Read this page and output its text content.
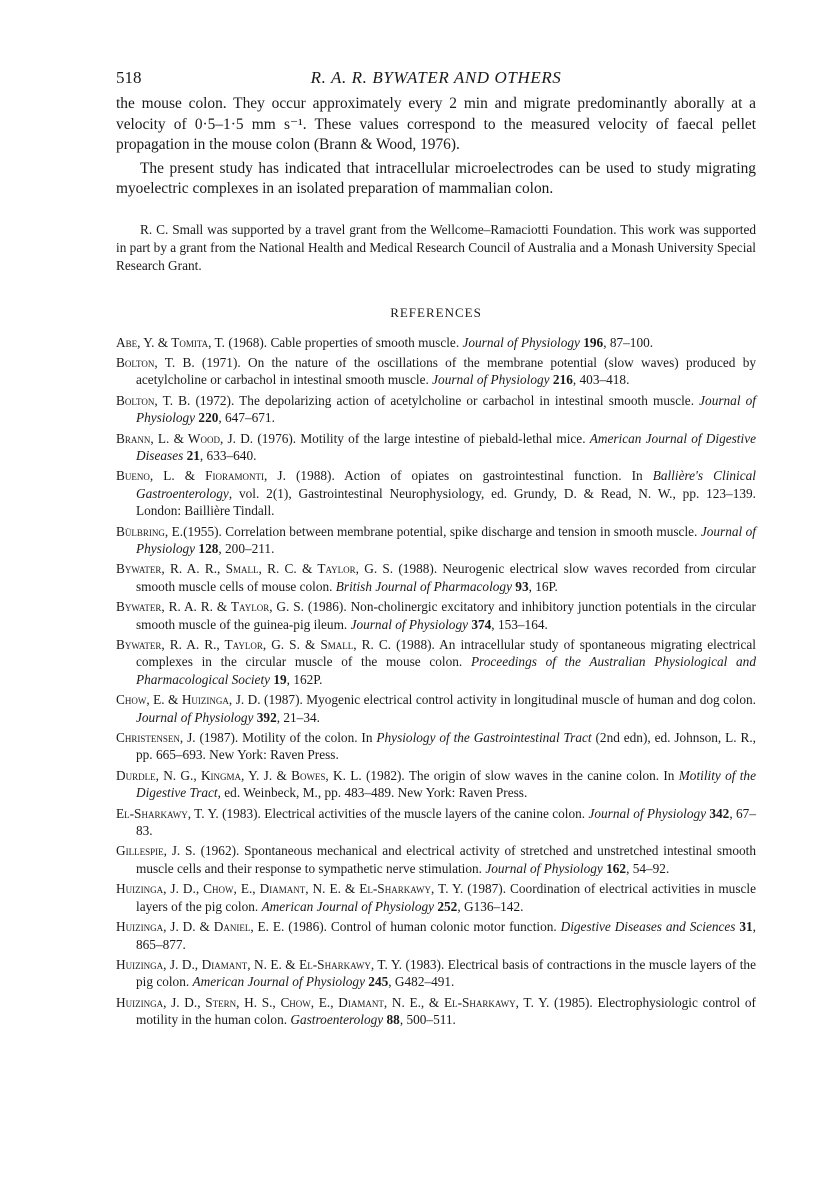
518	R. A. R. BYWATER AND OTHERS

the mouse colon. They occur approximately every 2 min and migrate predominantly aborally at a velocity of 0·5–1·5 mm s⁻¹. These values correspond to the measured velocity of faecal pellet propagation in the mouse colon (Brann & Wood, 1976).

The present study has indicated that intracellular microelectrodes can be used to study migrating myoelectric complexes in an isolated preparation of mammalian colon.

R. C. Small was supported by a travel grant from the Wellcome–Ramaciotti Foundation. This work was supported in part by a grant from the National Health and Medical Research Council of Australia and a Monash University Special Research Grant.

REFERENCES

Abe, Y. & Tomita, T. (1968). Cable properties of smooth muscle. Journal of Physiology 196, 87–100.

Bolton, T. B. (1971). On the nature of the oscillations of the membrane potential (slow waves) produced by acetylcholine or carbachol in intestinal smooth muscle. Journal of Physiology 216, 403–418.

Bolton, T. B. (1972). The depolarizing action of acetylcholine or carbachol in intestinal smooth muscle. Journal of Physiology 220, 647–671.

Brann, L. & Wood, J. D. (1976). Motility of the large intestine of piebald-lethal mice. American Journal of Digestive Diseases 21, 633–640.

Bueno, L. & Fioramonti, J. (1988). Action of opiates on gastrointestinal function. In Ballière's Clinical Gastroenterology, vol. 2(1), Gastrointestinal Neurophysiology, ed. Grundy, D. & Read, N. W., pp. 123–139. London: Baillière Tindall.

Bülbring, E.(1955). Correlation between membrane potential, spike discharge and tension in smooth muscle. Journal of Physiology 128, 200–211.

Bywater, R. A. R., Small, R. C. & Taylor, G. S. (1988). Neurogenic electrical slow waves recorded from circular smooth muscle cells of mouse colon. British Journal of Pharmacology 93, 16P.

Bywater, R. A. R. & Taylor, G. S. (1986). Non-cholinergic excitatory and inhibitory junction potentials in the circular smooth muscle of the guinea-pig ileum. Journal of Physiology 374, 153–164.

Bywater, R. A. R., Taylor, G. S. & Small, R. C. (1988). An intracellular study of spontaneous migrating electrical complexes in the circular muscle of the mouse colon. Proceedings of the Australian Physiological and Pharmacological Society 19, 162P.

Chow, E. & Huizinga, J. D. (1987). Myogenic electrical control activity in longitudinal muscle of human and dog colon. Journal of Physiology 392, 21–34.

Christensen, J. (1987). Motility of the colon. In Physiology of the Gastrointestinal Tract (2nd edn), ed. Johnson, L. R., pp. 665–693. New York: Raven Press.

Durdle, N. G., Kingma, Y. J. & Bowes, K. L. (1982). The origin of slow waves in the canine colon. In Motility of the Digestive Tract, ed. Weinbeck, M., pp. 483–489. New York: Raven Press.

El-Sharkawy, T. Y. (1983). Electrical activities of the muscle layers of the canine colon. Journal of Physiology 342, 67–83.

Gillespie, J. S. (1962). Spontaneous mechanical and electrical activity of stretched and unstretched intestinal smooth muscle cells and their response to sympathetic nerve stimulation. Journal of Physiology 162, 54–92.

Huizinga, J. D., Chow, E., Diamant, N. E. & El-Sharkawy, T. Y. (1987). Coordination of electrical activities in muscle layers of the pig colon. American Journal of Physiology 252, G136–142.

Huizinga, J. D. & Daniel, E. E. (1986). Control of human colonic motor function. Digestive Diseases and Sciences 31, 865–877.

Huizinga, J. D., Diamant, N. E. & El-Sharkawy, T. Y. (1983). Electrical basis of contractions in the muscle layers of the pig colon. American Journal of Physiology 245, G482–491.

Huizinga, J. D., Stern, H. S., Chow, E., Diamant, N. E., & El-Sharkawy, T. Y. (1985). Electrophysiologic control of motility in the human colon. Gastroenterology 88, 500–511.
